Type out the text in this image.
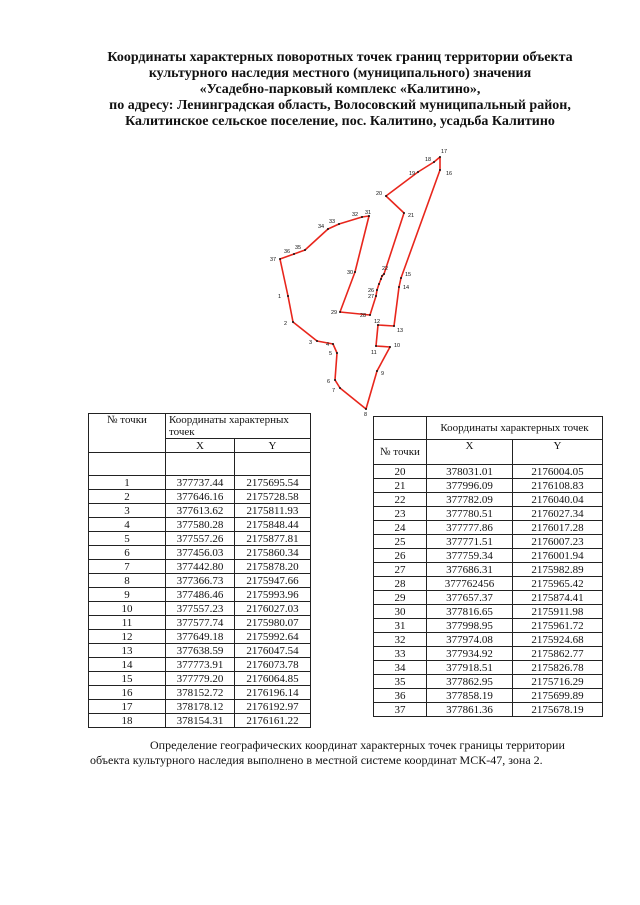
Координаты характерных поворотных точек границ территории объекта
культурного наследия местного (муниципального) значения
«Усадебно-парковый комплекс «Калитино»,
по адресу: Ленинградская область, Волосовский муниципальный район,
Калитинское сельское поселение, пос. Калитино, усадьба Калитино
1
2
3	4
5
6
7
8
9
10
11
12
13
14
15
16
17
18
19
20
21
22
26
27
28
29
30
31
32
33
34
35
36
37
№ точки	Координаты характерных точек	
	X	Y

1	377737.44	2175695.54
2	377646.16	2175728.58
3	377613.62	2175811.93
4	377580.28	2175848.44
5	377557.26	2175877.81
6	377456.03	2175860.34
7	377442.80	2175878.20
8	377366.73	2175947.66
9	377486.46	2175993.96
10	377557.23	2176027.03
11	377577.74	2175980.07
12	377649.18	2175992.64
13	377638.59	2176047.54
14	377773.91	2176073.78
15	377779.20	2176064.85
16	378152.72	2176196.14
17	378178.12	2176192.97
18	378154.31	2176161.22
	Координаты характерных точек	
№ точки	X	Y
20	378031.01	2176004.05
21	377996.09	2176108.83
22	377782.09	2176040.04
23	377780.51	2176027.34
24	377777.86	2176017.28
25	377771.51	2176007.23
26	377759.34	2176001.94
27	377686.31	2175982.89
28	377762456	2175965.42
29	377657.37	2175874.41
30	377816.65	2175911.98
31	377998.95	2175961.72
32	377974.08	2175924.68
33	377934.92	2175862.77
34	377918.51	2175826.78
35	377862.95	2175716.29
36	377858.19	2175699.89
37	377861.36	2175678.19
Определение географических координат характерных точек границы территории
объекта культурного наследия выполнено в местной системе координат МСК-47, зона 2.
